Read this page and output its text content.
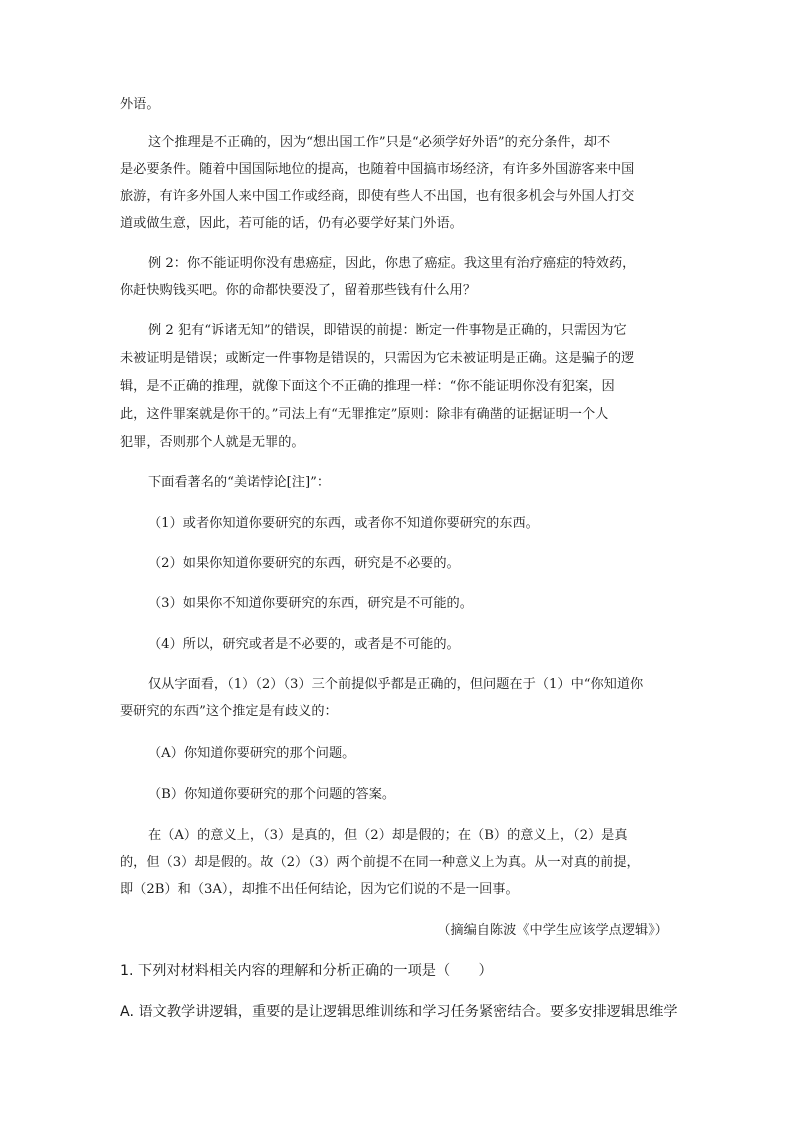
外语。
这个推理是不正确的，因为“想出国工作”只是“必须学好外语”的充分条件，却不
是必要条件。随着中国国际地位的提高，也随着中国搞市场经济，有许多外国游客来中国
旅游，有许多外国人来中国工作或经商，即使有些人不出国，也有很多机会与外国人打交
道或做生意，因此，若可能的话，仍有必要学好某门外语。
例 2：你不能证明你没有患癌症，因此，你患了癌症。我这里有治疗癌症的特效药，
你赶快购钱买吧。你的命都快要没了，留着那些钱有什么用？
例 2 犯有“诉诸无知”的错误，即错误的前提：断定一件事物是正确的，只需因为它
未被证明是错误；或断定一件事物是错误的，只需因为它未被证明是正确。这是骗子的逻
辑，是不正确的推理，就像下面这个不正确的推理一样：“你不能证明你没有犯案，因
此，这件罪案就是你干的。”司法上有“无罪推定”原则：除非有确凿的证据证明一个人
犯罪，否则那个人就是无罪的。
下面看著名的“美诺悖论[注]”：
（1）或者你知道你要研究的东西，或者你不知道你要研究的东西。
（2）如果你知道你要研究的东西，研究是不必要的。
（3）如果你不知道你要研究的东西，研究是不可能的。
（4）所以，研究或者是不必要的，或者是不可能的。
仅从字面看，（1）（2）（3）三个前提似乎都是正确的，但问题在于（1）中“你知道你
要研究的东西”这个推定是有歧义的：
（A）你知道你要研究的那个问题。
（B）你知道你要研究的那个问题的答案。
在（A）的意义上，（3）是真的，但（2）却是假的；在（B）的意义上，（2）是真
的，但（3）却是假的。故（2）（3）两个前提不在同一种意义上为真。从一对真的前提，
即（2B）和（3A），却推不出任何结论，因为它们说的不是一回事。
（摘编自陈波《中学生应该学点逻辑》）
1. 下列对材料相关内容的理解和分析正确的一项是（　　）
A. 语文教学讲逻辑，重要的是让逻辑思维训练和学习任务紧密结合。要多安排逻辑思维学
